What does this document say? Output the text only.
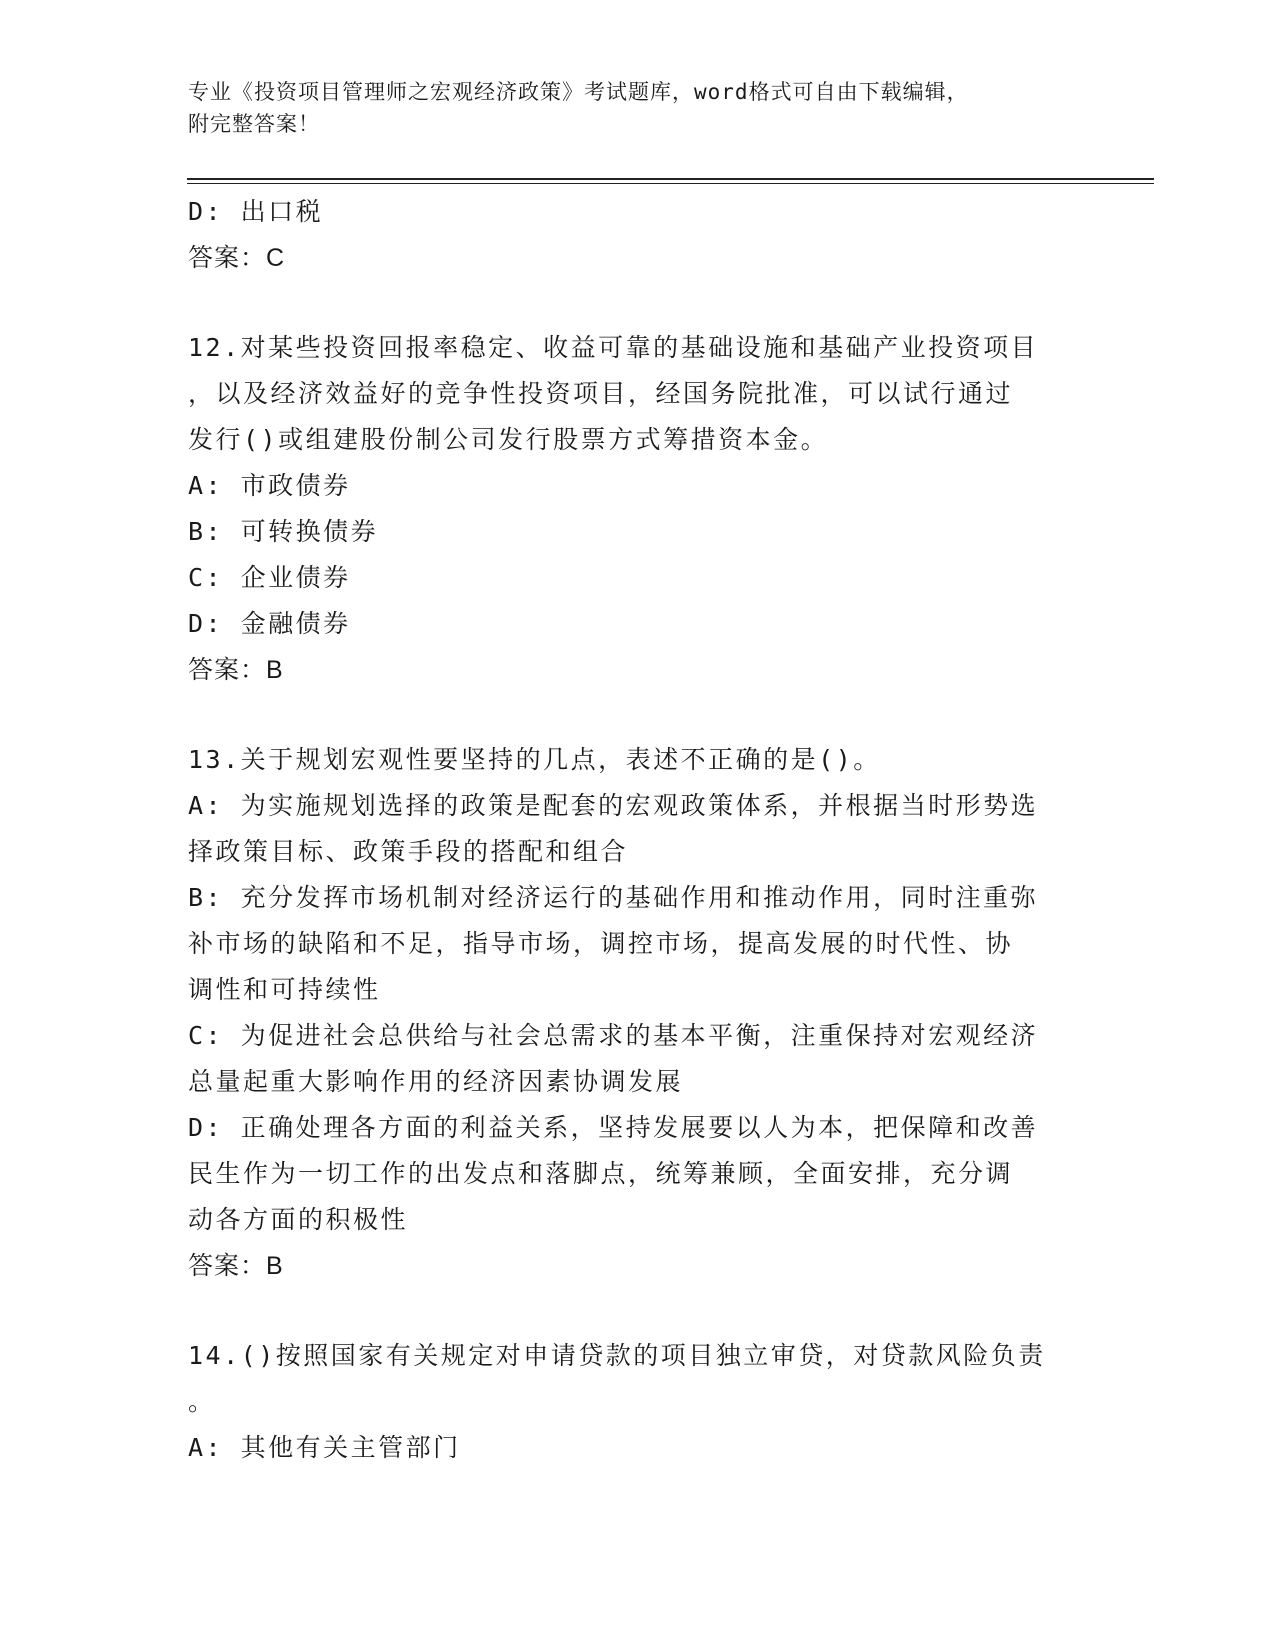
专业《投资项目管理师之宏观经济政策》考试题库，word格式可自由下载编辑，
附完整答案！
D: 出口税
答案：C
12.对某些投资回报率稳定、收益可靠的基础设施和基础产业投资项目
，以及经济效益好的竞争性投资项目，经国务院批准，可以试行通过
发行()或组建股份制公司发行股票方式筹措资本金。
A: 市政债券
B: 可转换债券
C: 企业债券
D: 金融债券
答案：B
13.关于规划宏观性要坚持的几点，表述不正确的是()。
A: 为实施规划选择的政策是配套的宏观政策体系，并根据当时形势选
择政策目标、政策手段的搭配和组合
B: 充分发挥市场机制对经济运行的基础作用和推动作用，同时注重弥
补市场的缺陷和不足，指导市场，调控市场，提高发展的时代性、协
调性和可持续性
C: 为促进社会总供给与社会总需求的基本平衡，注重保持对宏观经济
总量起重大影响作用的经济因素协调发展
D: 正确处理各方面的利益关系，坚持发展要以人为本，把保障和改善
民生作为一切工作的出发点和落脚点，统筹兼顾，全面安排，充分调
动各方面的积极性
答案：B
14.()按照国家有关规定对申请贷款的项目独立审贷，对贷款风险负责
。
A: 其他有关主管部门
